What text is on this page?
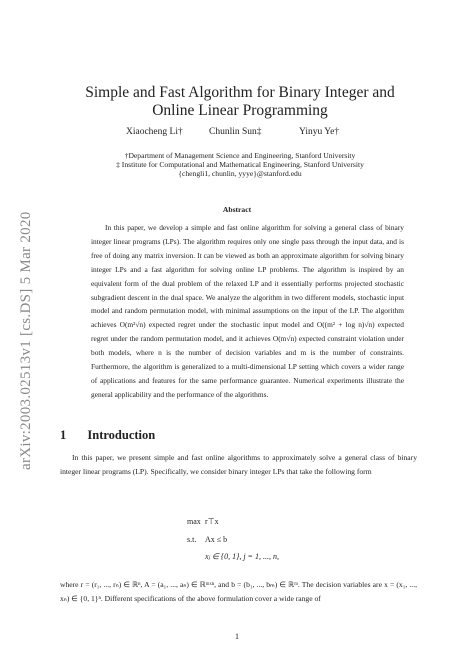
arXiv:2003.02513v1 [cs.DS] 5 Mar 2020
Simple and Fast Algorithm for Binary Integer and Online Linear Programming
Xiaocheng Li†	Chunlin Sun‡	Yinyu Ye†
†Department of Management Science and Engineering, Stanford University
‡ Institute for Computational and Mathematical Engineering, Stanford University
{chengli1, chunlin, yyye}@stanford.edu
Abstract
In this paper, we develop a simple and fast online algorithm for solving a general class of binary integer linear programs (LPs). The algorithm requires only one single pass through the input data, and is free of doing any matrix inversion. It can be viewed as both an approximate algorithm for solving binary integer LPs and a fast algorithm for solving online LP problems. The algorithm is inspired by an equivalent form of the dual problem of the relaxed LP and it essentially performs projected stochastic subgradient descent in the dual space. We analyze the algorithm in two different models, stochastic input model and random permutation model, with minimal assumptions on the input of the LP. The algorithm achieves O(m²√n) expected regret under the stochastic input model and O((m² + log n)√n) expected regret under the random permutation model, and it achieves O(m√n) expected constraint violation under both models, where n is the number of decision variables and m is the number of constraints. Furthermore, the algorithm is generalized to a multi-dimensional LP setting which covers a wider range of applications and features for the same performance guarantee. Numerical experiments illustrate the general applicability and the performance of the algorithms.
1 Introduction
In this paper, we present simple and fast online algorithms to approximately solve a general class of binary integer linear programs (LP). Specifically, we consider binary integer LPs that take the following form
max r⊤x
s.t. Ax ≤ b
xⱼ ∈ {0, 1}, j = 1, ..., n,
where r = (r₁, ..., rₙ) ∈ ℝⁿ, A = (a₁, ..., aₙ) ∈ ℝᵐˣⁿ, and b = (b₁, ..., bₘ) ∈ ℝᵐ. The decision variables are x = (x₁, ..., xₙ) ∈ {0, 1}ⁿ. Different specifications of the above formulation cover a wide range of
1
